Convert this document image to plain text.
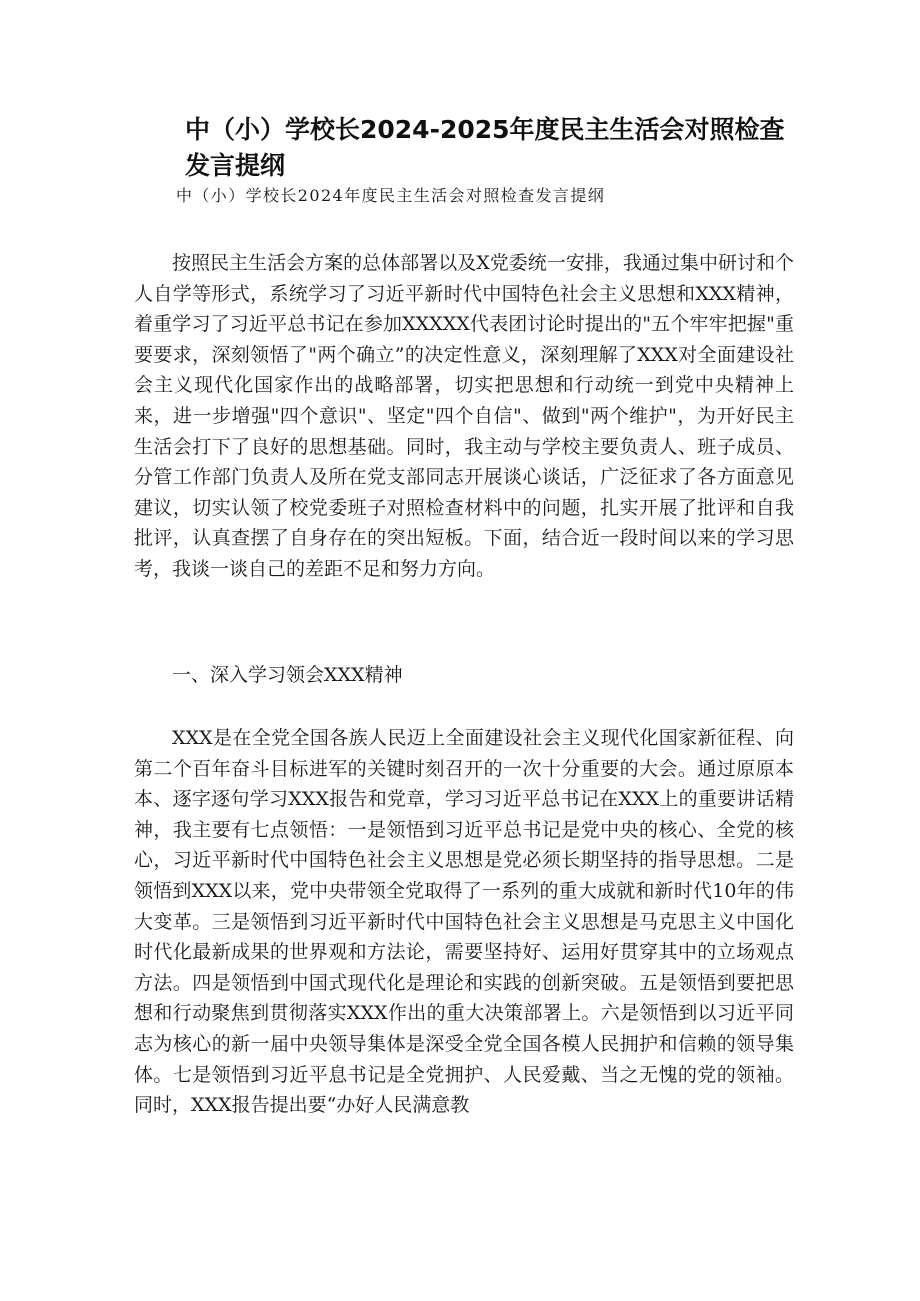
中（小）学校长2024-2025年度民主生活会对照检查发言提纲
中（小）学校长2024年度民主生活会对照检查发言提纲

按照民主生活会方案的总体部署以及X党委统一安排，我通过集中研讨和个人自学等形式，系统学习了习近平新时代中国特色社会主义思想和XXX精神，着重学习了习近平总书记在参加XXXXX代表团讨论时提出的"五个牢牢把握"重要要求，深刻领悟了"两个确立”的决定性意义，深刻理解了XXX对全面建设社会主义现代化国家作出的战略部署，切实把思想和行动统一到党中央精神上来，进一步增强"四个意识"、坚定"四个自信"、做到"两个维护"，为开好民主生活会打下了良好的思想基础。同时，我主动与学校主要负责人、班子成员、分管工作部门负责人及所在党支部同志开展谈心谈话，广泛征求了各方面意见建议，切实认领了校党委班子对照检查材料中的问题，扎实开展了批评和自我批评，认真查摆了自身存在的突出短板。下面，结合近一段时间以来的学习思考，我谈一谈自己的差距不足和努力方向。

一、深入学习领会XXX精神

XXX是在全党全国各族人民迈上全面建设社会主义现代化国家新征程、向第二个百年奋斗目标进军的关键时刻召开的一次十分重要的大会。通过原原本本、逐字逐句学习XXX报告和党章，学习习近平总书记在XXX上的重要讲话精神，我主要有七点领悟：一是领悟到习近平总书记是党中央的核心、全党的核心，习近平新时代中国特色社会主义思想是党必须长期坚持的指导思想。二是领悟到XXX以来，党中央带领全党取得了一系列的重大成就和新时代10年的伟大变革。三是领悟到习近平新时代中国特色社会主义思想是马克思主义中国化时代化最新成果的世界观和方法论，需要坚持好、运用好贯穿其中的立场观点方法。四是领悟到中国式现代化是理论和实践的创新突破。五是领悟到要把思想和行动聚焦到贯彻落实XXX作出的重大决策部署上。六是领悟到以习近平同志为核心的新一届中央领导集体是深受全党全国各模人民拥护和信赖的领导集体。七是领悟到习近平息书记是全党拥护、人民爱戴、当之无愧的党的领袖。同时，XXX报告提出要“办好人民满意教
